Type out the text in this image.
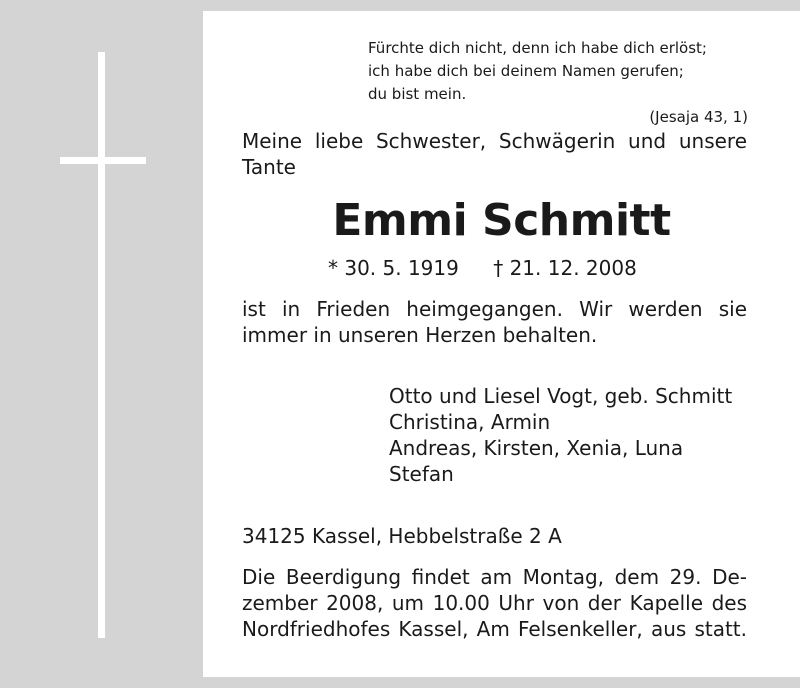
Fürchte dich nicht, denn ich habe dich erlöst;
ich habe dich bei deinem Namen gerufen;
du bist mein.
(Jesaja 43, 1)
Meine liebe Schwester, Schwägerin und unsere
Tante
Emmi Schmitt
* 30. 5. 1919 † 21. 12. 2008
ist in Frieden heimgegangen. Wir werden sie
immer in unseren Herzen behalten.
Otto und Liesel Vogt, geb. Schmitt
Christina, Armin
Andreas, Kirsten, Xenia, Luna
Stefan
34125 Kassel, Hebbelstraße 2 A
Die Beerdigung findet am Montag, dem 29. De-
zember 2008, um 10.00 Uhr von der Kapelle des
Nordfriedhofes Kassel, Am Felsenkeller, aus statt.
